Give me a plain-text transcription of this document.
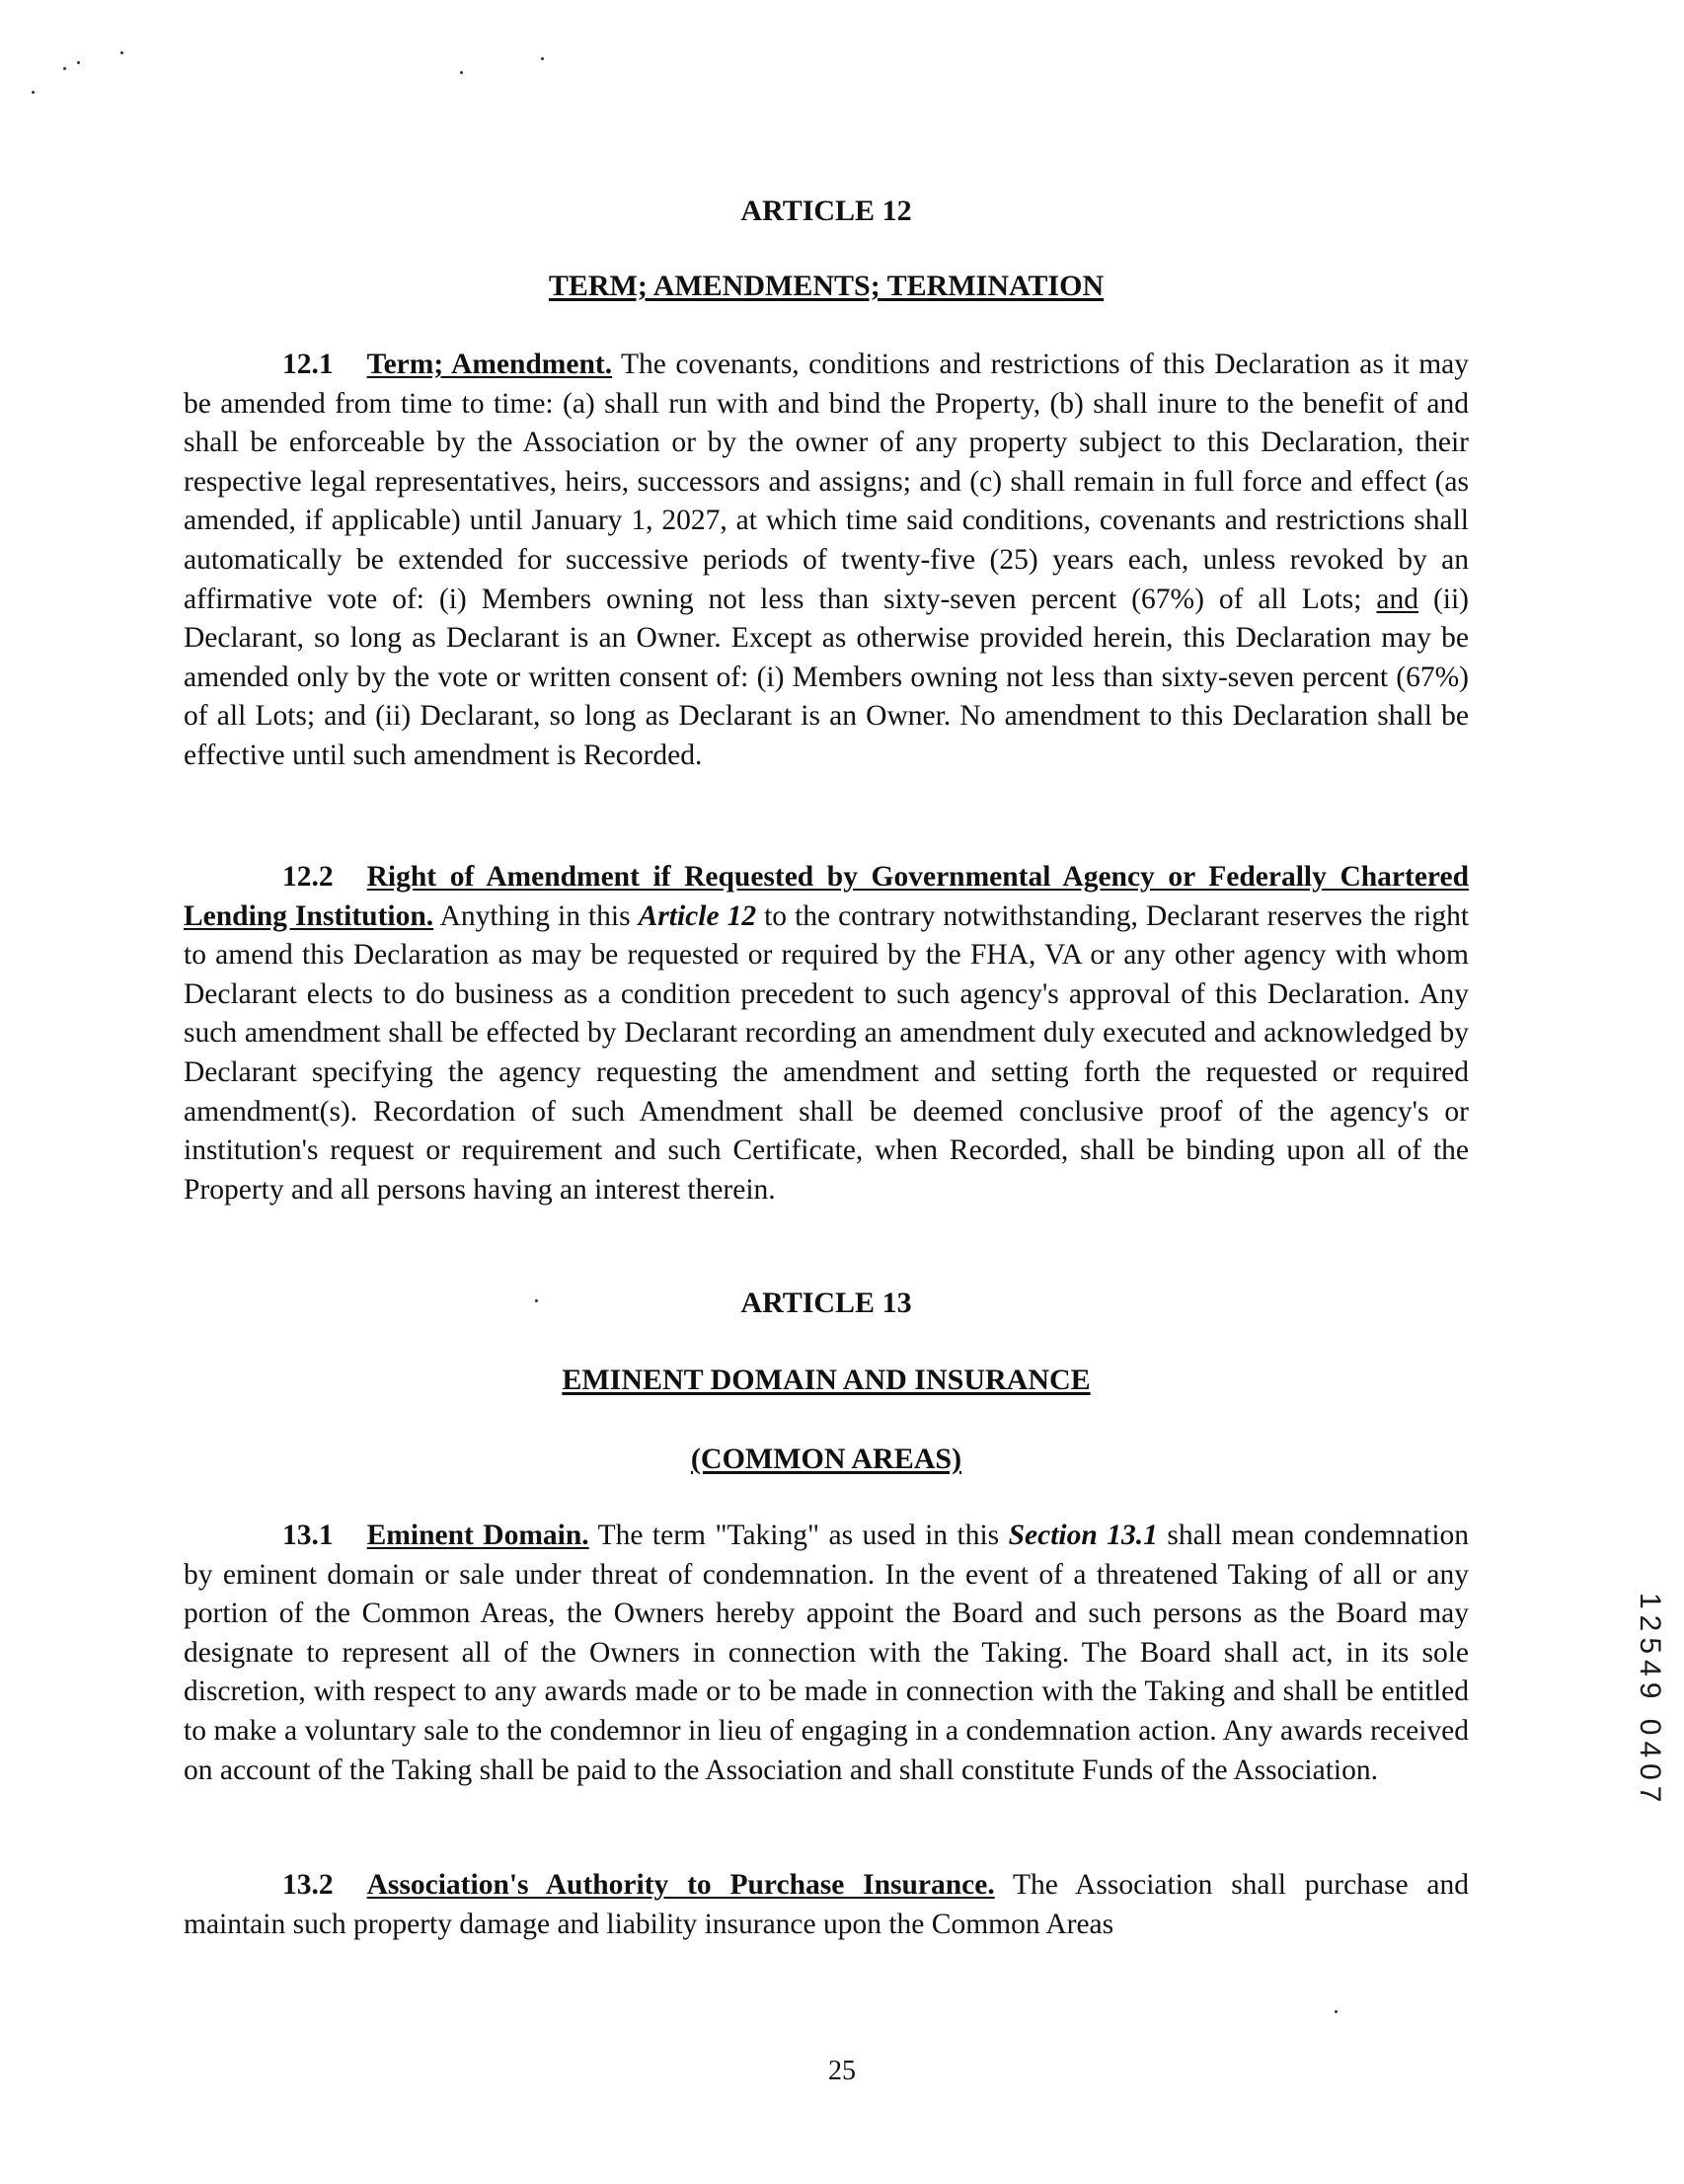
ARTICLE 12
TERM; AMENDMENTS; TERMINATION

12.1 Term; Amendment. The covenants, conditions and restrictions of this Declaration as it may be amended from time to time: (a) shall run with and bind the Property, (b) shall inure to the benefit of and shall be enforceable by the Association or by the owner of any property subject to this Declaration, their respective legal representatives, heirs, successors and assigns; and (c) shall remain in full force and effect (as amended, if applicable) until January 1, 2027, at which time said conditions, covenants and restrictions shall automatically be extended for successive periods of twenty-five (25) years each, unless revoked by an affirmative vote of: (i) Members owning not less than sixty-seven percent (67%) of all Lots; and (ii) Declarant, so long as Declarant is an Owner. Except as otherwise provided herein, this Declaration may be amended only by the vote or written consent of: (i) Members owning not less than sixty-seven percent (67%) of all Lots; and (ii) Declarant, so long as Declarant is an Owner. No amendment to this Declaration shall be effective until such amendment is Recorded.

12.2 Right of Amendment if Requested by Governmental Agency or Federally Chartered Lending Institution. Anything in this Article 12 to the contrary notwithstanding, Declarant reserves the right to amend this Declaration as may be requested or required by the FHA, VA or any other agency with whom Declarant elects to do business as a condition precedent to such agency's approval of this Declaration. Any such amendment shall be effected by Declarant recording an amendment duly executed and acknowledged by Declarant specifying the agency requesting the amendment and setting forth the requested or required amendment(s). Recordation of such Amendment shall be deemed conclusive proof of the agency's or institution's request or requirement and such Certificate, when Recorded, shall be binding upon all of the Property and all persons having an interest therein.

ARTICLE 13
EMINENT DOMAIN AND INSURANCE
(COMMON AREAS)

13.1 Eminent Domain. The term "Taking" as used in this Section 13.1 shall mean condemnation by eminent domain or sale under threat of condemnation. In the event of a threatened Taking of all or any portion of the Common Areas, the Owners hereby appoint the Board and such persons as the Board may designate to represent all of the Owners in connection with the Taking. The Board shall act, in its sole discretion, with respect to any awards made or to be made in connection with the Taking and shall be entitled to make a voluntary sale to the condemnor in lieu of engaging in a condemnation action. Any awards received on account of the Taking shall be paid to the Association and shall constitute Funds of the Association.

13.2 Association's Authority to Purchase Insurance. The Association shall purchase and maintain such property damage and liability insurance upon the Common Areas

12549 0407
25
